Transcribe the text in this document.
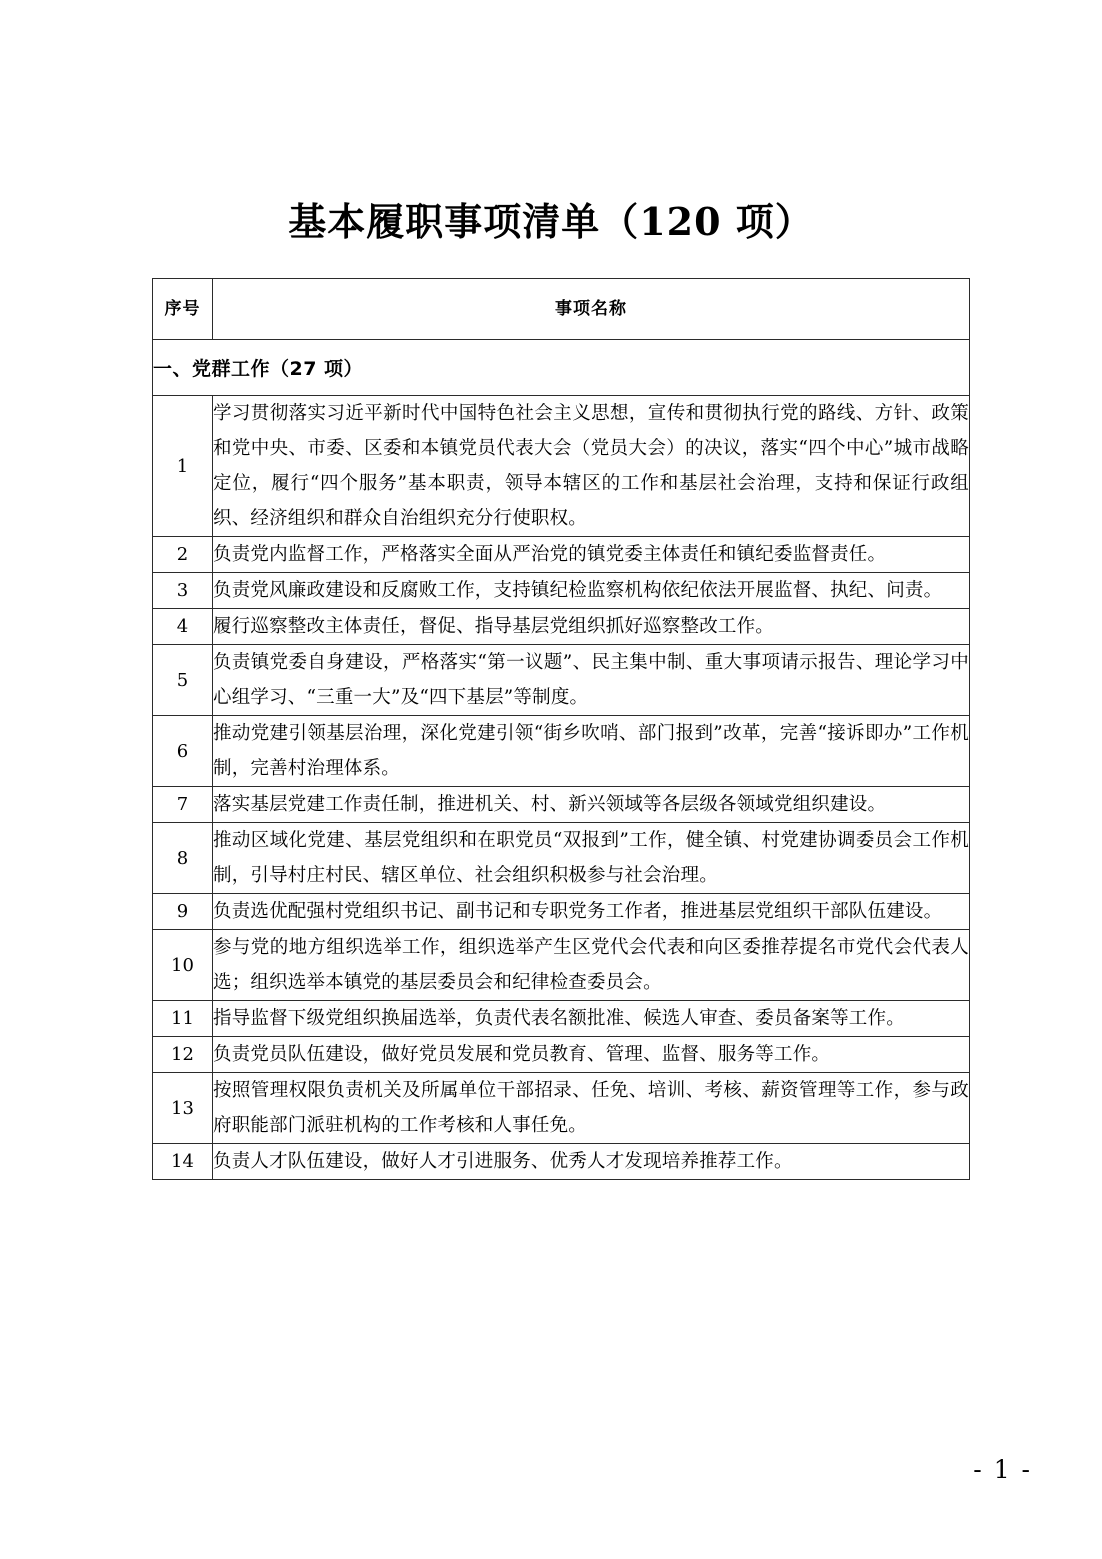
基本履职事项清单（120 项）
序号	事项名称
一、党群工作（27 项）	
1	学习贯彻落实习近平新时代中国特色社会主义思想，宣传和贯彻执行党的路线、方针、政策和党中央、市委、区委和本镇党员代表大会（党员大会）的决议，落实“四个中心”城市战略定位，履行“四个服务”基本职责，领导本辖区的工作和基层社会治理，支持和保证行政组织、经济组织和群众自治组织充分行使职权。
2	负责党内监督工作，严格落实全面从严治党的镇党委主体责任和镇纪委监督责任。
3	负责党风廉政建设和反腐败工作，支持镇纪检监察机构依纪依法开展监督、执纪、问责。
4	履行巡察整改主体责任，督促、指导基层党组织抓好巡察整改工作。
5	负责镇党委自身建设，严格落实“第一议题”、民主集中制、重大事项请示报告、理论学习中心组学习、“三重一大”及“四下基层”等制度。
6	推动党建引领基层治理，深化党建引领“街乡吹哨、部门报到”改革，完善“接诉即办”工作机制，完善村治理体系。
7	落实基层党建工作责任制，推进机关、村、新兴领域等各层级各领域党组织建设。
8	推动区域化党建、基层党组织和在职党员“双报到”工作，健全镇、村党建协调委员会工作机制，引导村庄村民、辖区单位、社会组织积极参与社会治理。
9	负责选优配强村党组织书记、副书记和专职党务工作者，推进基层党组织干部队伍建设。
10	参与党的地方组织选举工作，组织选举产生区党代会代表和向区委推荐提名市党代会代表人选；组织选举本镇党的基层委员会和纪律检查委员会。
11	指导监督下级党组织换届选举，负责代表名额批准、候选人审查、委员备案等工作。
12	负责党员队伍建设，做好党员发展和党员教育、管理、监督、服务等工作。
13	按照管理权限负责机关及所属单位干部招录、任免、培训、考核、薪资管理等工作，参与政府职能部门派驻机构的工作考核和人事任免。
14	负责人才队伍建设，做好人才引进服务、优秀人才发现培养推荐工作。
- 1 -
